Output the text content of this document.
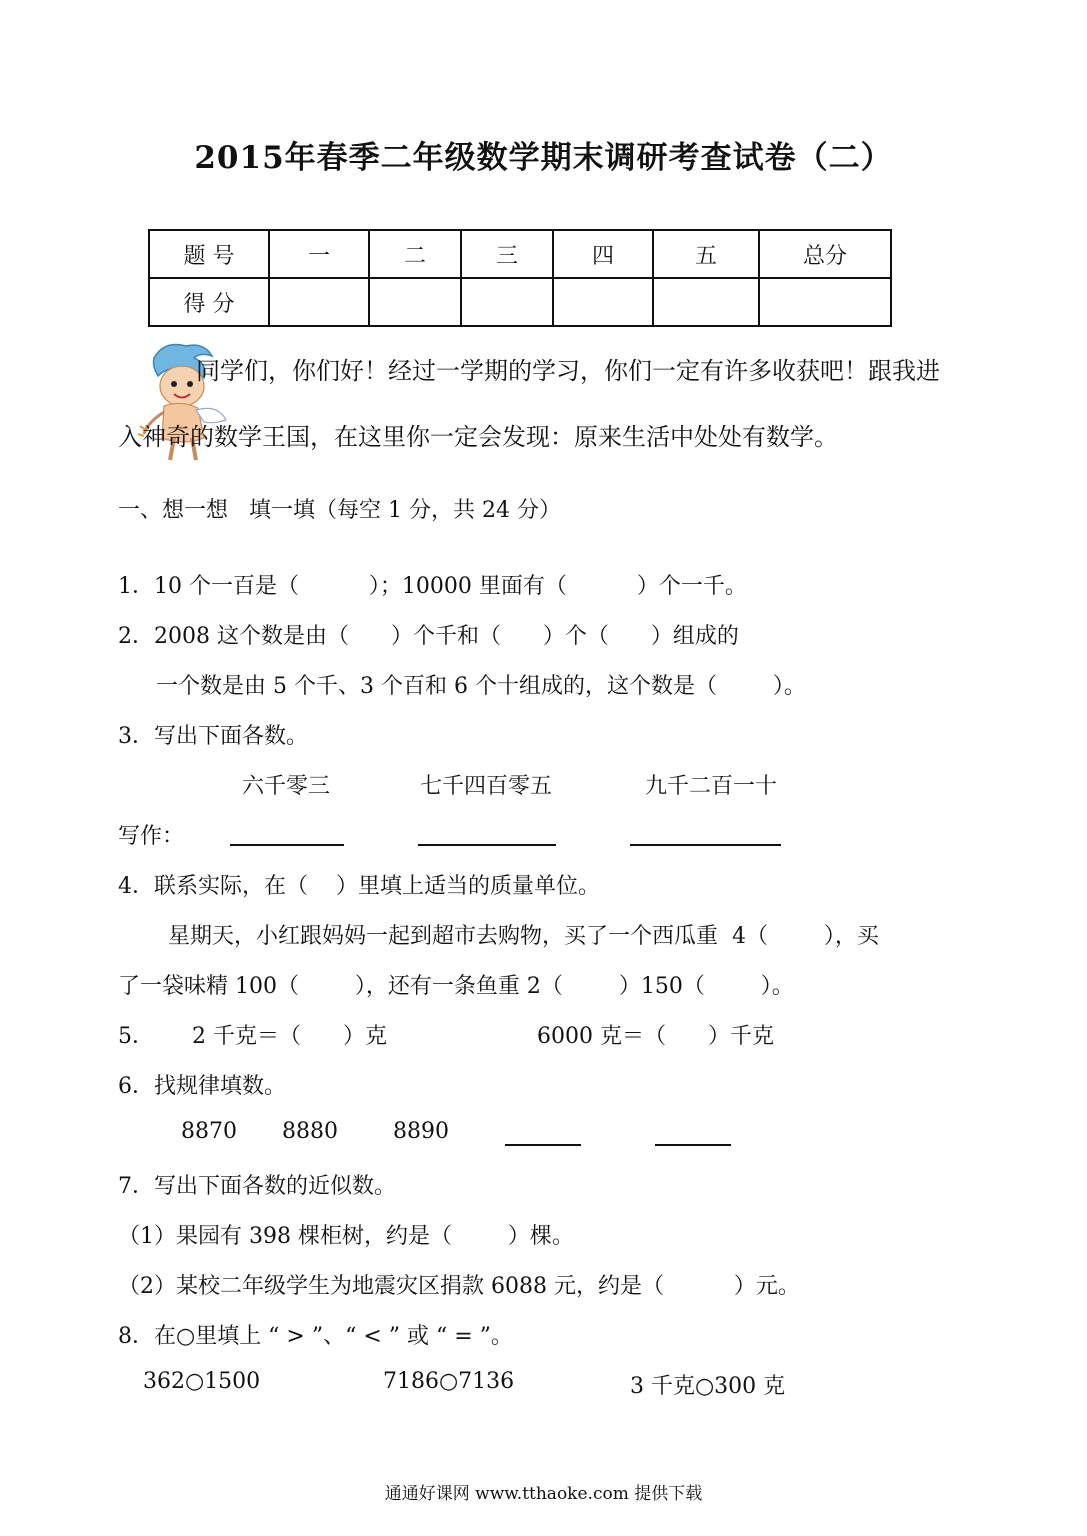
2015年春季二年级数学期末调研考查试卷（二）
题 号	一	二	三	四	五	总分
得 分						
同学们，你们好！经过一学期的学习，你们一定有许多收获吧！跟我进
入神奇的数学王国，在这里你一定会发现：原来生活中处处有数学。
一、想一想   填一填（每空 1 分，共 24 分）
1．10 个一百是（          ）；10000 里面有（          ）个一千。
2．2008 这个数是由（      ）个千和（      ）个（      ）组成的
一个数是由 5 个千、3 个百和 6 个十组成的，这个数是（        ）。
3．写出下面各数。
六千零三	七千四百零五	九千二百一十
写作：
4．联系实际，在（    ）里填上适当的质量单位。
星期天，小红跟妈妈一起到超市去购物，买了一个西瓜重  4（        ），买
了一袋味精 100（        ），还有一条鱼重 2（        ）150（        ）。
5． 2 千克＝（      ）克	6000 克＝（      ）千克
6．找规律填数。
8870 8880	8890
7．写出下面各数的近似数。
（1）果园有 398 棵柜树，约是（        ）棵。
（2）某校二年级学生为地震灾区捐款 6088 元，约是（          ）元。
8．在○里填上 “ > ”、“ < ” 或 “ = ”。
362○1500	7186○7136	3 千克○300 克
通通好课网 www.tthaoke.com 提供下载
